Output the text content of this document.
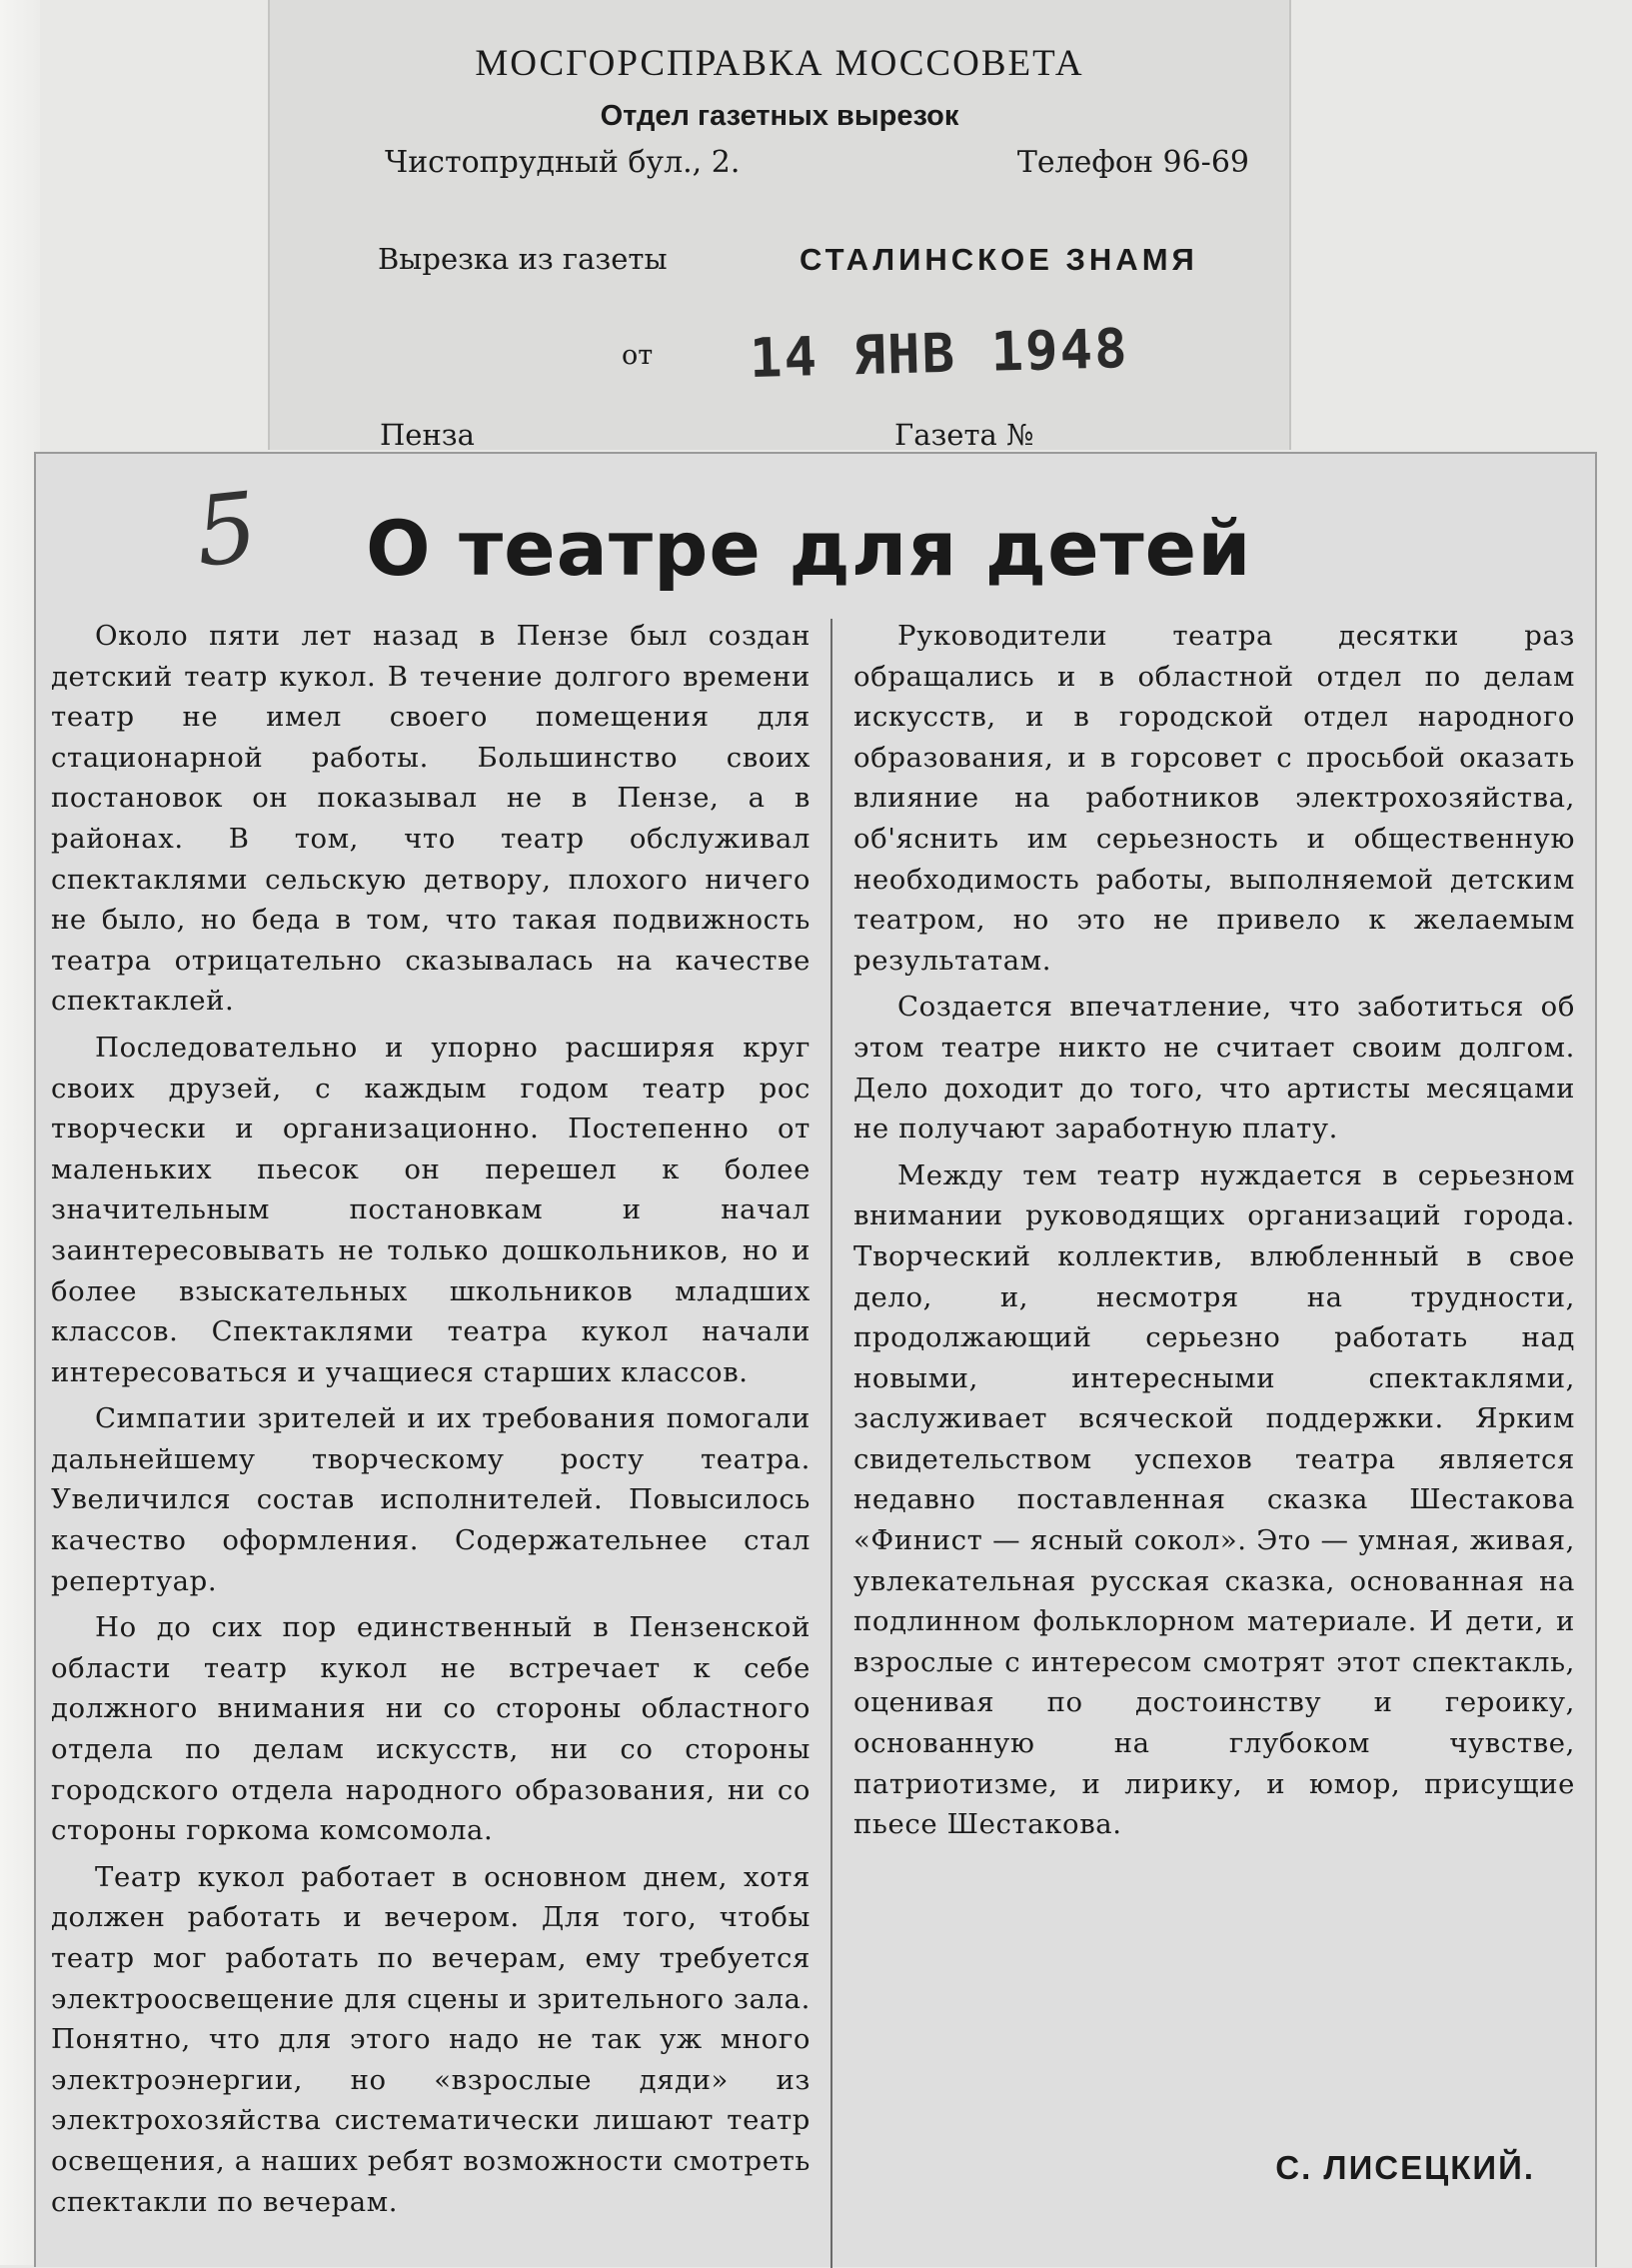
МОСГОРСПРАВКА МОССОВЕТА
Отдел газетных вырезок
Чистопрудный бул., 2.	Телефон 96-69
Вырезка из газеты	СТАЛИНСКОЕ ЗНАМЯ
от 14 ЯНВ 1948
Пенза	Газета №
5 О театре для детей

Около пяти лет назад в Пензе был создан детский театр кукол. В течение долгого времени театр не имел своего помещения для стационарной работы. Большинство своих постановок он показывал не в Пензе, а в районах. В том, что театр обслуживал спектаклями сельскую детвору, плохого ничего не было, но беда в том, что такая подвижность театра отрицательно сказывалась на качестве спектаклей.

Последовательно и упорно расширяя круг своих друзей, с каждым годом театр рос творчески и организационно. Постепенно от маленьких пьесок он перешел к более значительным постановкам и начал заинтересовывать не только дошкольников, но и более взыскательных школьников младших классов. Спектаклями театра кукол начали интересоваться и учащиеся старших классов.

Симпатии зрителей и их требования помогали дальнейшему творческому росту театра. Увеличился состав исполнителей. Повысилось качество оформления. Содержательнее стал репертуар.

Но до сих пор единственный в Пензенской области театр кукол не встречает к себе должного внимания ни со стороны областного отдела по делам искусств, ни со стороны городского отдела народного образования, ни со стороны горкома комсомола.

Театр кукол работает в основном днем, хотя должен работать и вечером. Для того, чтобы театр мог работать по вечерам, ему требуется электроосвещение для сцены и зрительного зала. Понятно, что для этого надо не так уж много электроэнергии, но «взрослые дяди» из электрохозяйства систематически лишают театр освещения, а наших ребят возможности смотреть спектакли по вечерам.

Руководители театра десятки раз обращались и в областной отдел по делам искусств, и в городской отдел народного образования, и в горсовет с просьбой оказать влияние на работников электрохозяйства, об'яснить им серьезность и общественную необходимость работы, выполняемой детским театром, но это не привело к желаемым результатам.

Создается впечатление, что заботиться об этом театре никто не считает своим долгом. Дело доходит до того, что артисты месяцами не получают заработную плату.

Между тем театр нуждается в серьезном внимании руководящих организаций города. Творческий коллектив, влюбленный в свое дело, и, несмотря на трудности, продолжающий серьезно работать над новыми, интересными спектаклями, заслуживает всяческой поддержки. Ярким свидетельством успехов театра является недавно поставленная сказка Шестакова «Финист — ясный сокол». Это — умная, живая, увлекательная русская сказка, основанная на подлинном фольклорном материале. И дети, и взрослые с интересом смотрят этот спектакль, оценивая по достоинству и героику, основанную на глубоком чувстве, патриотизме, и лирику, и юмор, присущие пьесе Шестакова.

С. ЛИСЕЦКИЙ.
